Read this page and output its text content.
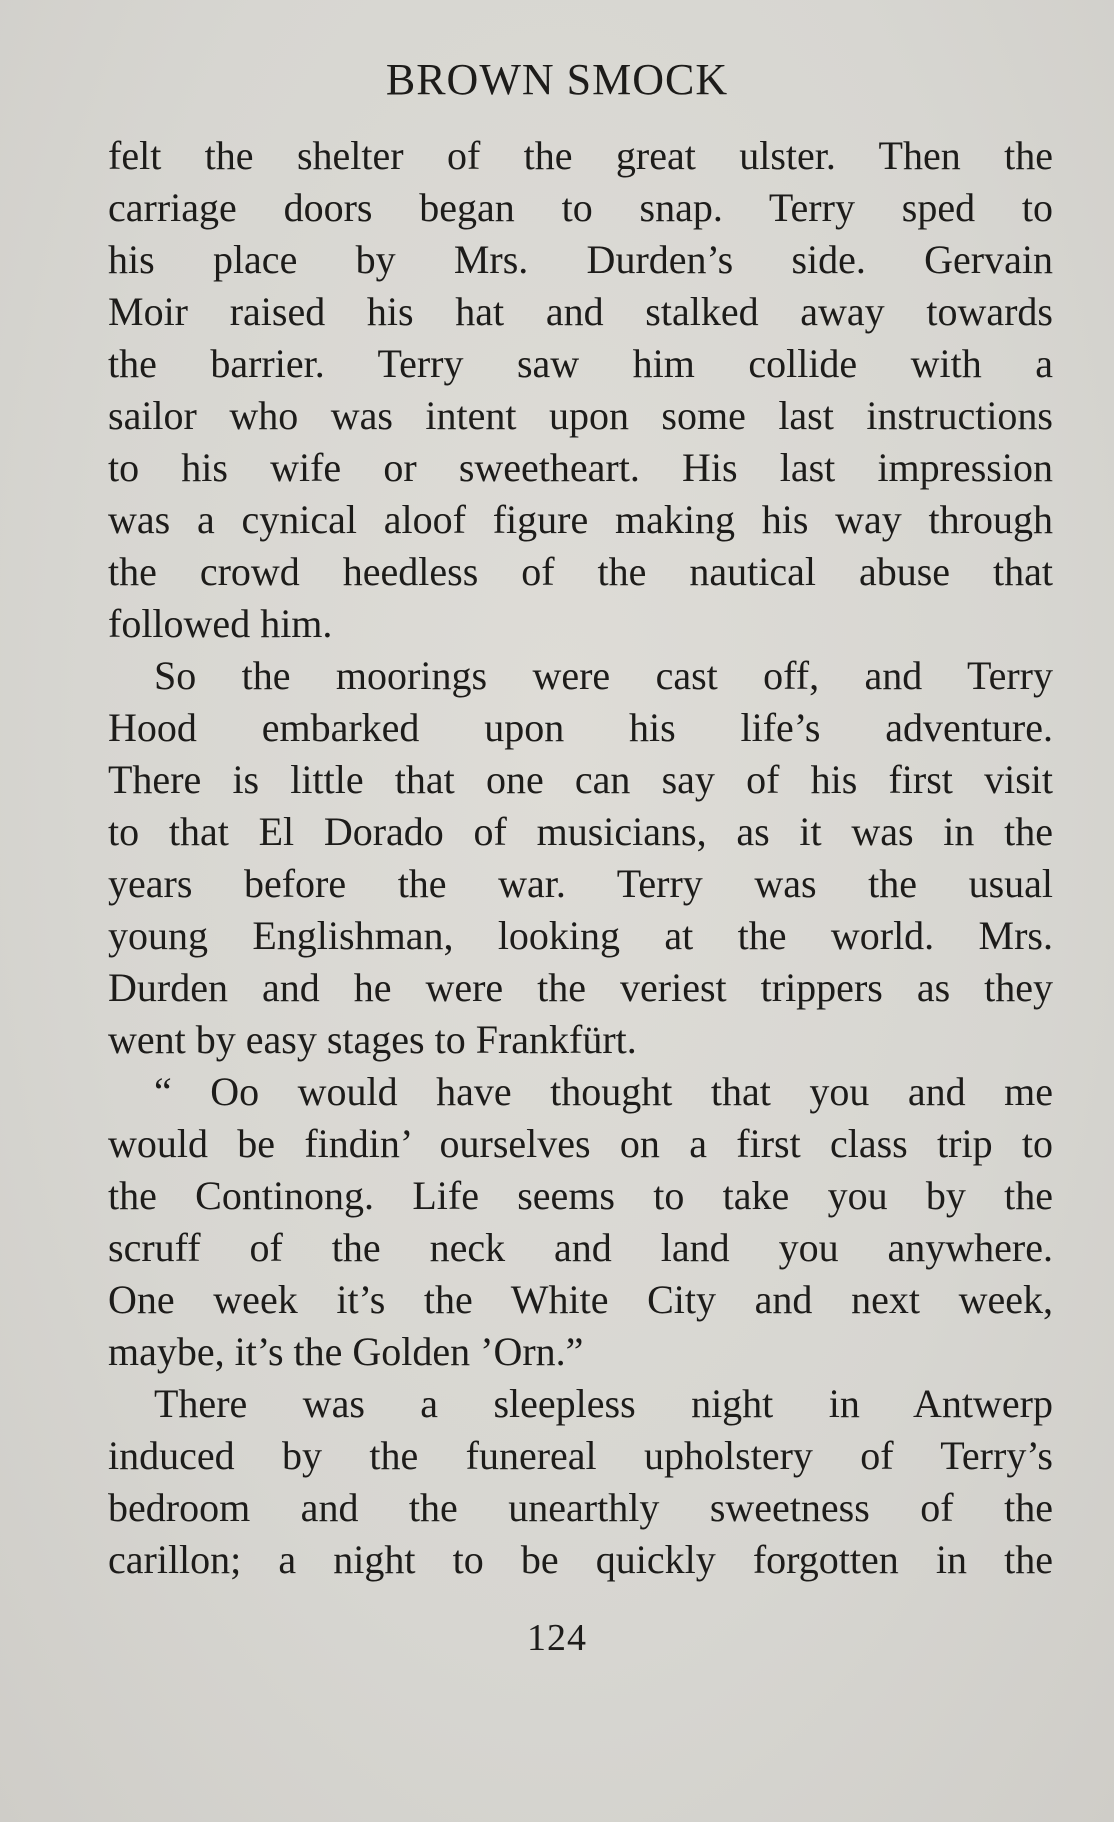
BROWN SMOCK
felt the shelter of the great ulster. Then the
carriage doors began to snap. Terry sped to
his place by Mrs. Durden’s side. Gervain
Moir raised his hat and stalked away towards
the barrier. Terry saw him collide with a
sailor who was intent upon some last instructions
to his wife or sweetheart. His last impression
was a cynical aloof figure making his way through
the crowd heedless of the nautical abuse that
followed him.
So the moorings were cast off, and Terry
Hood embarked upon his life’s adventure.
There is little that one can say of his first visit
to that El Dorado of musicians, as it was in the
years before the war. Terry was the usual
young Englishman, looking at the world. Mrs.
Durden and he were the veriest trippers as they
went by easy stages to Frankfürt.
“ Oo would have thought that you and me
would be findin’ ourselves on a first class trip to
the Continong. Life seems to take you by the
scruff of the neck and land you anywhere.
One week it’s the White City and next week,
maybe, it’s the Golden ’Orn.”
There was a sleepless night in Antwerp
induced by the funereal upholstery of Terry’s
bedroom and the unearthly sweetness of the
carillon; a night to be quickly forgotten in the
124
